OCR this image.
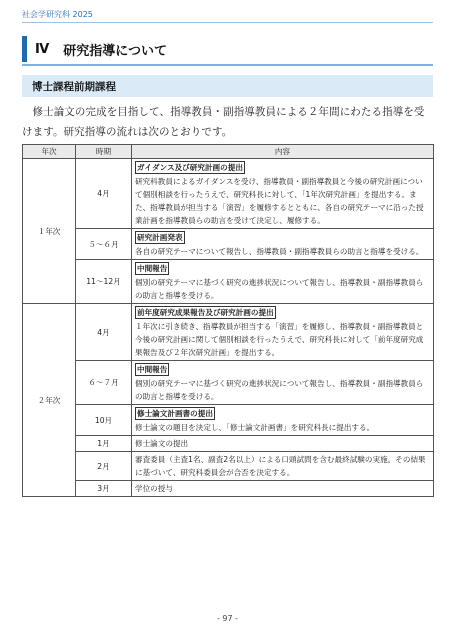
社会学研究科 2025
Ⅳ 研究指導について
博士課程前期課程
修士論文の完成を目指して、指導教員・副指導教員による２年間にわたる指導を受けます。研究指導の流れは次のとおりです。
年次	時期	内容
１年次	4月	ガイダンス及び研究計画の提出
研究科教員によるガイダンスを受け、指導教員・副指導教員と今後の研究計画について個別相談を行ったうえで、研究科長に対して、「1年次研究計画」を提出する。また、指導教員が担当する「演習」を履修するとともに、各自の研究テーマに沿った授業計画を指導教員らの助言を受けて決定し、履修する。

	５～６月	研究計画発表
各自の研究テーマについて報告し、指導教員・副指導教員らの助言と指導を受ける。

	11～12月	中間報告
個別の研究テーマに基づく研究の進捗状況について報告し、指導教員・副指導教員らの助言と指導を受ける。

２年次	4月	前年度研究成果報告及び研究計画の提出
１年次に引き続き、指導教員が担当する「演習」を履修し、指導教員・副指導教員と今後の研究計画に関して個別相談を行ったうえで、研究科長に対して「前年度研究成果報告及び２年次研究計画」を提出する。

	６～７月	中間報告
個別の研究テーマに基づく研究の進捗状況について報告し、指導教員・副指導教員らの助言と指導を受ける。

	10月	修士論文計画書の提出
修士論文の題目を決定し、「修士論文計画書」を研究科長に提出する。

	1月	修士論文の提出

	2月	審査委員（主査1名、副査2名以上）による口頭試問を含む最終試験の実施。その結果に基づいて、研究科委員会が合否を決定する。

	3月	学位の授与
- 97 -
